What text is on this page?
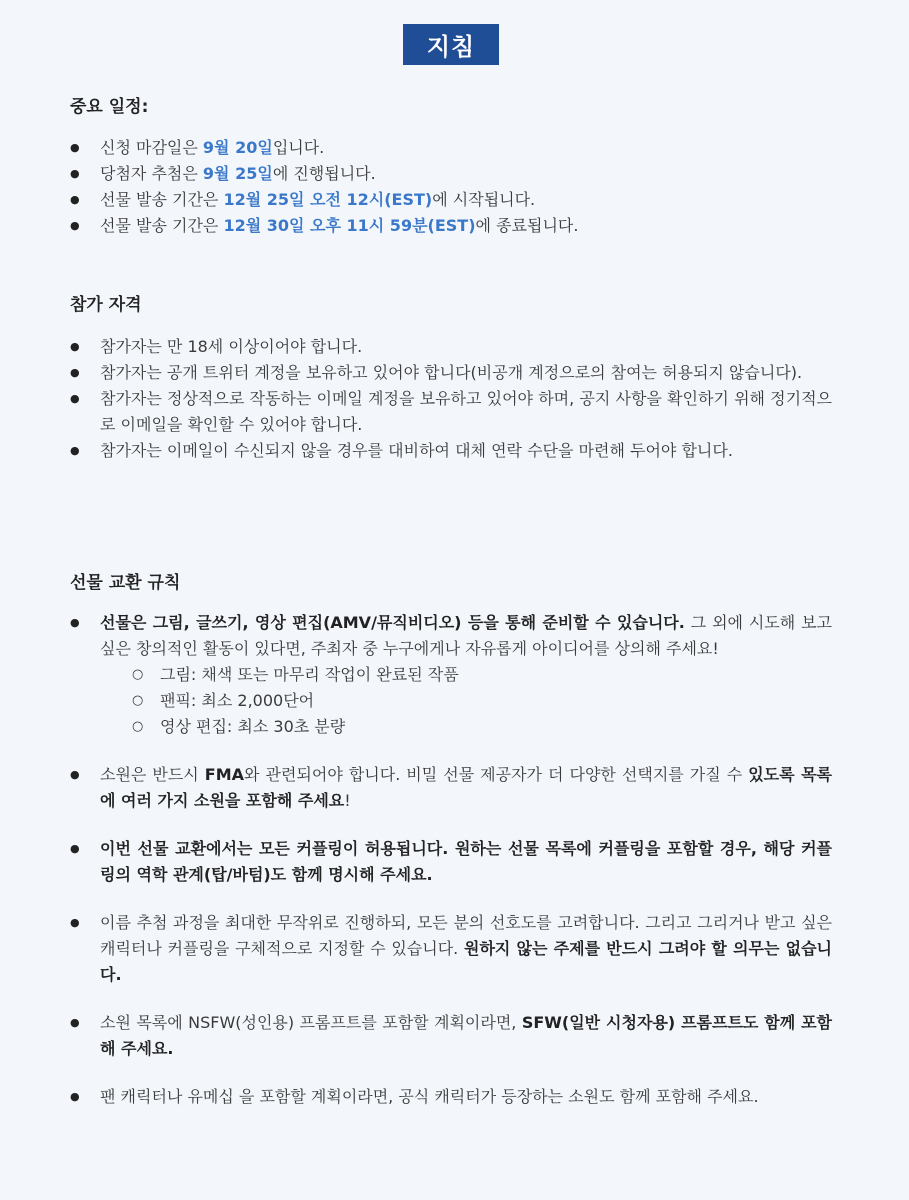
지침
중요 일정:
● 신청 마감일은 9월 20일입니다.
● 당첨자 추첨은 9월 25일에 진행됩니다.
● 선물 발송 기간은 12월 25일 오전 12시(EST)에 시작됩니다.
● 선물 발송 기간은 12월 30일 오후 11시 59분(EST)에 종료됩니다.
참가 자격
● 참가자는 만 18세 이상이어야 합니다.
● 참가자는 공개 트위터 계정을 보유하고 있어야 합니다(비공개 계정으로의 참여는 허용되지 않습니다).
● 참가자는 정상적으로 작동하는 이메일 계정을 보유하고 있어야 하며, 공지 사항을 확인하기 위해 정기적으로 이메일을 확인할 수 있어야 합니다.
● 참가자는 이메일이 수신되지 않을 경우를 대비하여 대체 연락 수단을 마련해 두어야 합니다.
선물 교환 규칙
● 선물은 그림, 글쓰기, 영상 편집(AMV/뮤직비디오) 등을 통해 준비할 수 있습니다. 그 외에 시도해 보고 싶은 창의적인 활동이 있다면, 주최자 중 누구에게나 자유롭게 아이디어를 상의해 주세요!
○ 그림: 채색 또는 마무리 작업이 완료된 작품
○ 팬픽: 최소 2,000단어
○ 영상 편집: 최소 30초 분량
● 소원은 반드시 FMA와 관련되어야 합니다. 비밀 선물 제공자가 더 다양한 선택지를 가질 수 있도록 목록에 여러 가지 소원을 포함해 주세요!
● 이번 선물 교환에서는 모든 커플링이 허용됩니다. 원하는 선물 목록에 커플링을 포함할 경우, 해당 커플링의 역학 관계(탑/바텀)도 함께 명시해 주세요.
● 이름 추첨 과정을 최대한 무작위로 진행하되, 모든 분의 선호도를 고려합니다. 그리고 그리거나 받고 싶은 캐릭터나 커플링을 구체적으로 지정할 수 있습니다. 원하지 않는 주제를 반드시 그려야 할 의무는 없습니다.
● 소원 목록에 NSFW(성인용) 프롬프트를 포함할 계획이라면, SFW(일반 시청자용) 프롬프트도 함께 포함해 주세요.
● 팬 캐릭터나 유메십 을 포함할 계획이라면, 공식 캐릭터가 등장하는 소원도 함께 포함해 주세요.
